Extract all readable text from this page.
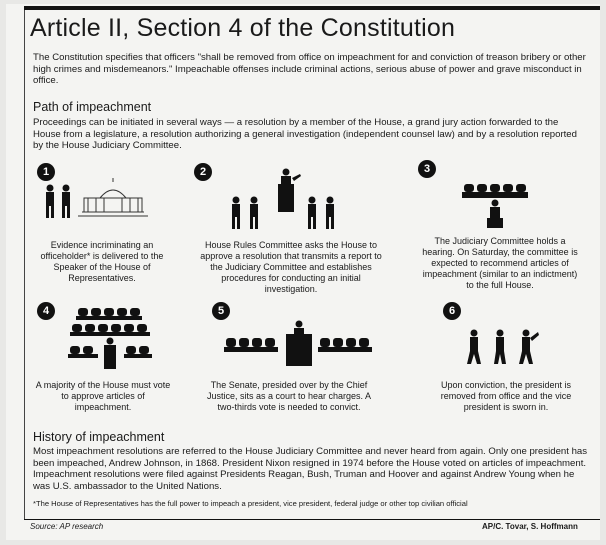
Article II, Section 4 of the Constitution
The Constitution specifies that officers "shall be removed from office on impeachment for and conviction of treason bribery or other high crimes and misdemeanors." Impeachable offenses include criminal actions, serious abuse of power and grave misconduct in office.
Path of impeachment
Proceedings can be initiated in several ways — a resolution by a member of the House, a grand jury action forwarded to the House from a legislature, a resolution authorizing a general investigation (independent counsel law) and by a resolution reported by the House Judiciary Committee.
1
Evidence incriminating an officeholder* is delivered to the Speaker of the House of Representatives.
2
House Rules Committee asks the House to approve a resolution that transmits a report to the Judiciary Committee and establishes procedures for conducting an initial investigation.
3
The Judiciary Committee holds a hearing. On Saturday, the committee is expected to recommend articles of impeachment (similar to an indictment) to the full House.
4
A majority of the House must vote to approve articles of impeachment.
5
The Senate, presided over by the Chief Justice, sits as a court to hear charges. A two-thirds vote is needed to convict.
6
Upon conviction, the president is removed from office and the vice president is sworn in.
History of impeachment
Most impeachment resolutions are referred to the House Judiciary Committee and never heard from again. Only one president has been impeached, Andrew Johnson, in 1868. President Nixon resigned in 1974 before the House voted on articles of impeachment. Impeachment resolutions were filed against Presidents Reagan, Bush, Truman and Hoover and against Andrew Young when he was U.S. ambassador to the United Nations.
*The House of Representatives has the full power to impeach a president, vice president, federal judge or other top civilian official
Source: AP research	AP/C. Tovar, S. Hoffmann
